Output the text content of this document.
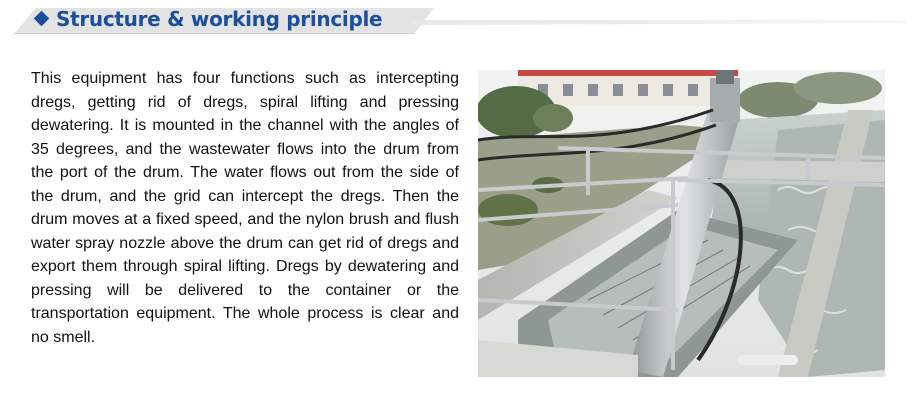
Structure & working principle

This equipment has four functions such as intercepting dregs, getting rid of dregs, spiral lifting and pressing dewatering. It is mounted in the channel with the angles of 35 degrees, and the wastewater flows into the drum from the port of the drum. The water flows out from the side of the drum, and the grid can intercept the dregs. Then the drum moves at a fixed speed, and the nylon brush and flush water spray nozzle above the drum can get rid of dregs and export them through spiral lifting. Dregs by dewatering and pressing will be delivered to the container or the transportation equipment. The whole process is clear and no smell.
